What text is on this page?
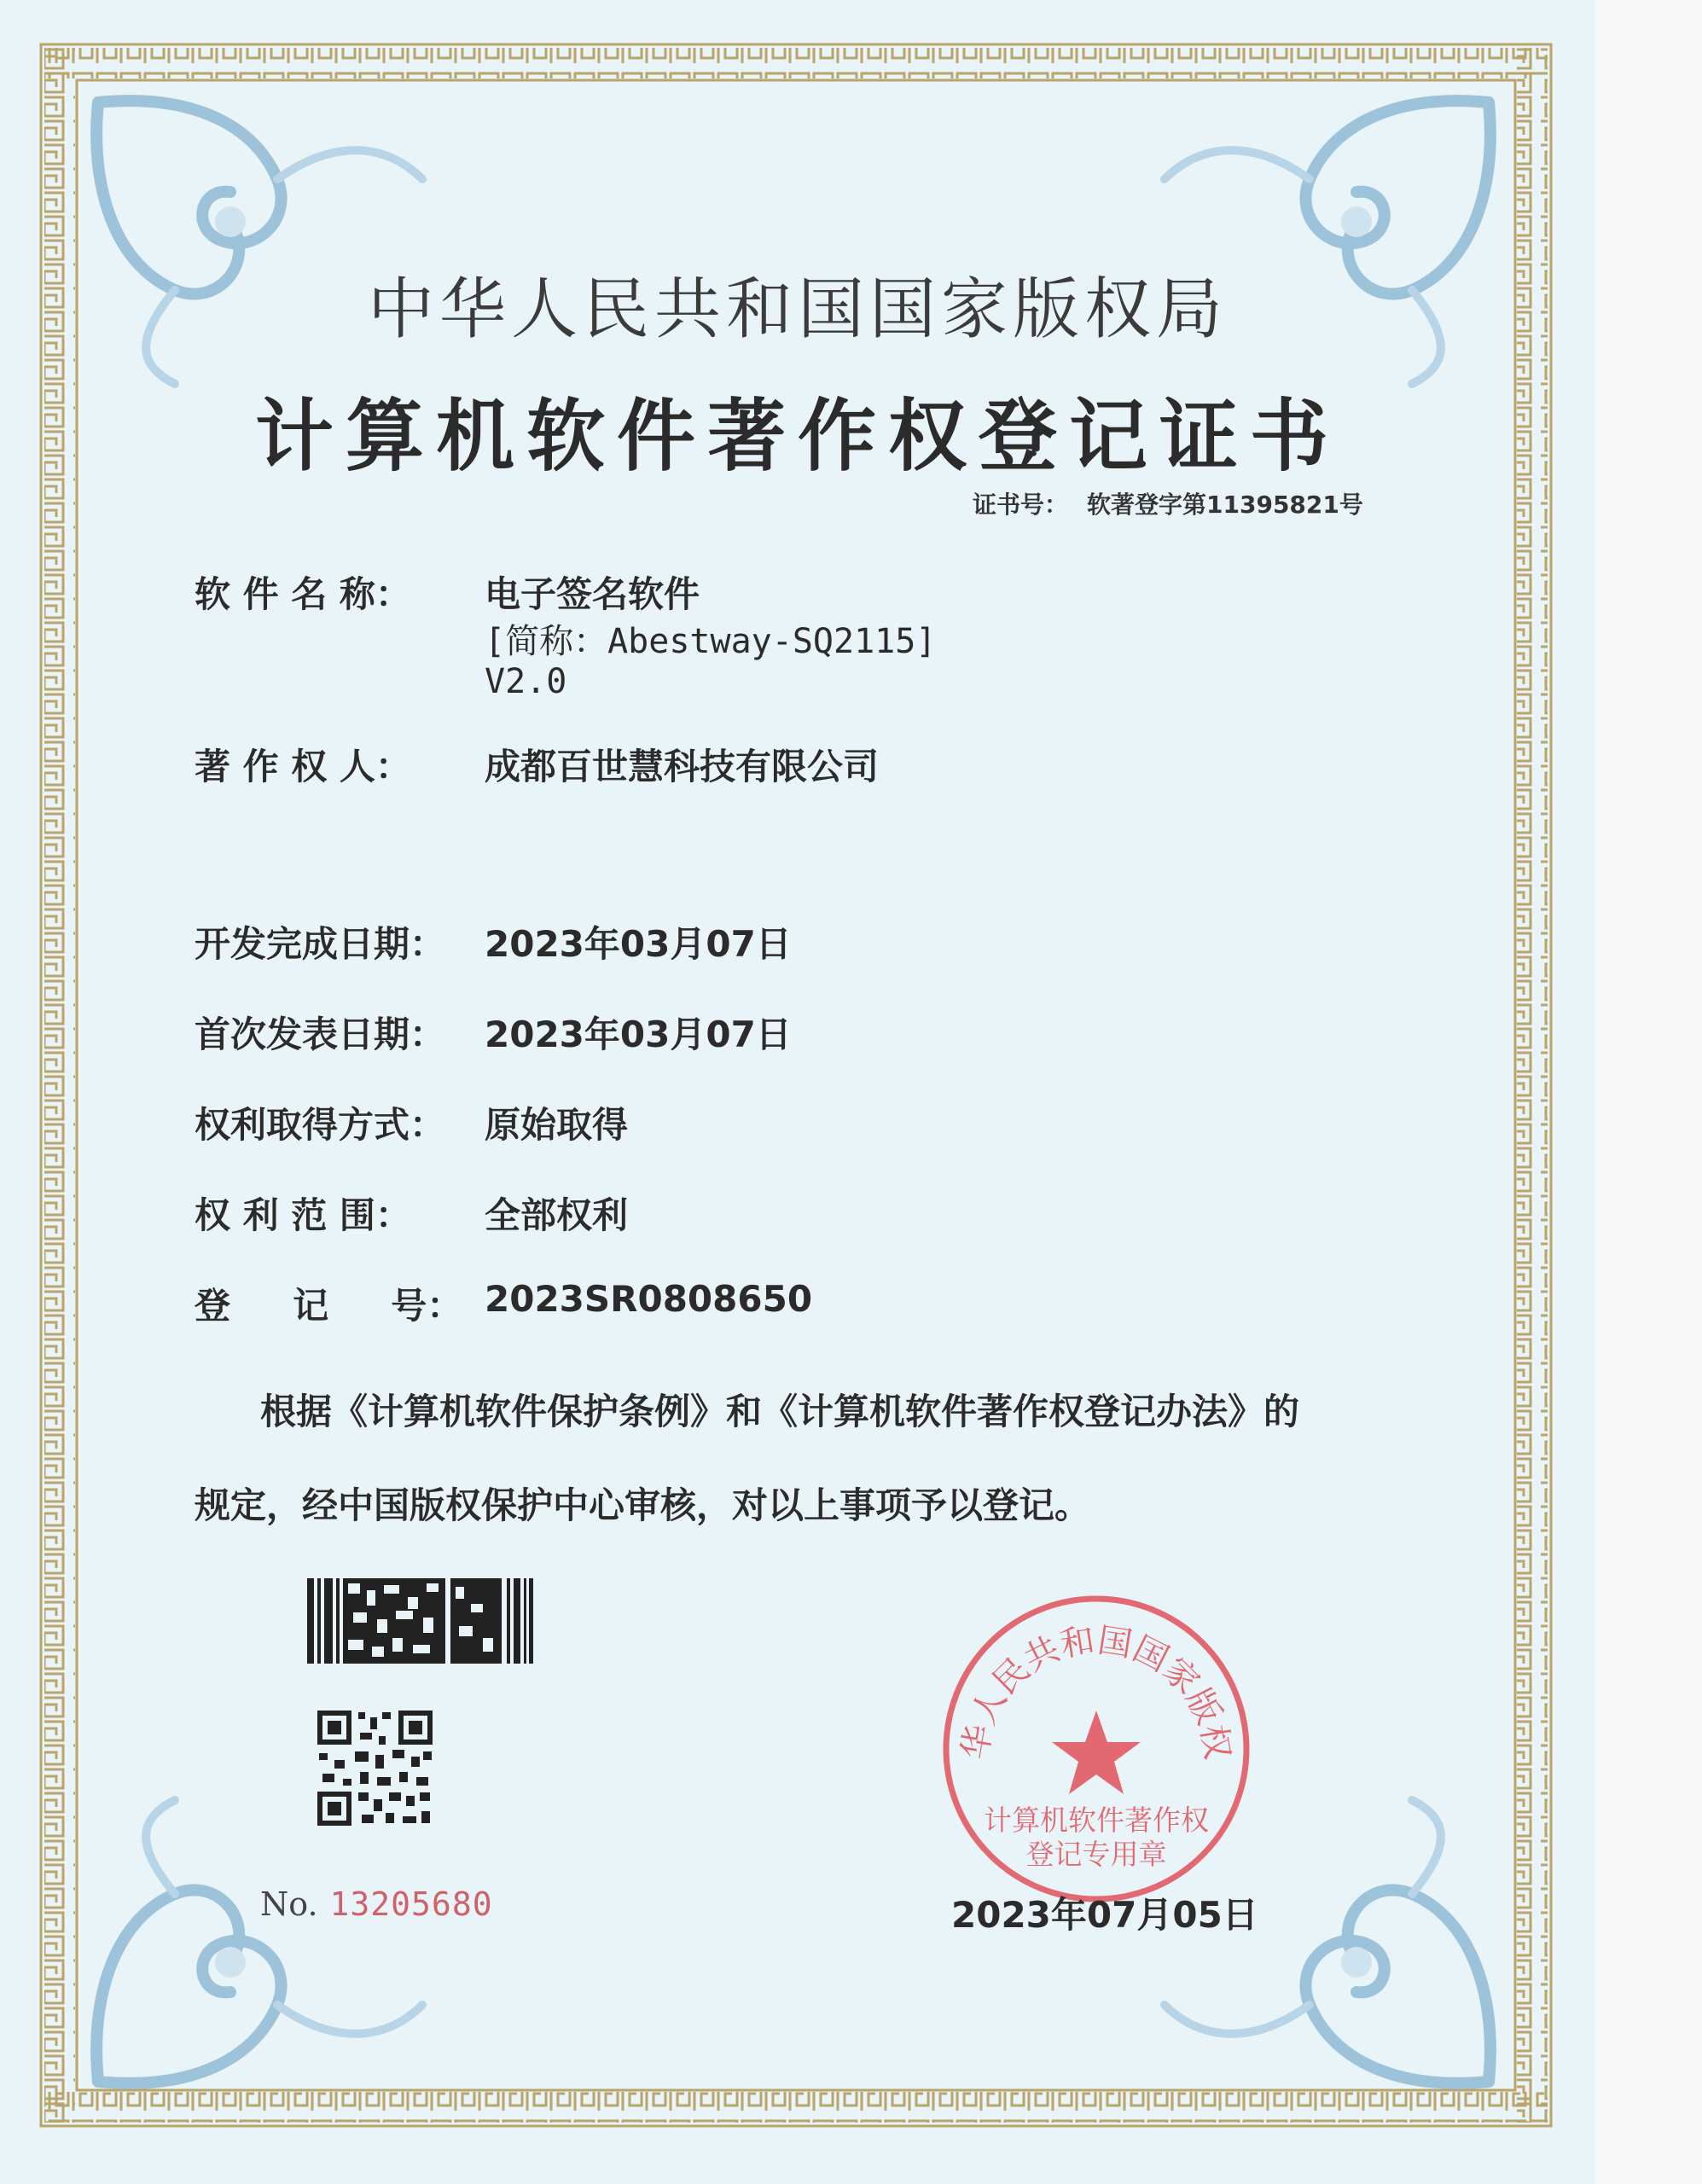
中华人民共和国国家版权局
计算机软件著作权登记证书
证书号： 软著登字第11395821号
软 件 名 称：	电子签名软件
[简称：Abestway-SQ2115]
V2.0
著 作 权 人：	成都百世慧科技有限公司
开发完成日期：	2023年03月07日
首次发表日期：	2023年03月07日
权利取得方式：	原始取得
权 利 范 围：	全部权利
登     记     号： 2023SR0808650
根据《计算机软件保护条例》和《计算机软件著作权登记办法》的
规定，经中国版权保护中心审核，对以上事项予以登记。
No. 13205680
华人民共和国国家版权
计算机软件著作权
登记专用章
2023年07月05日
